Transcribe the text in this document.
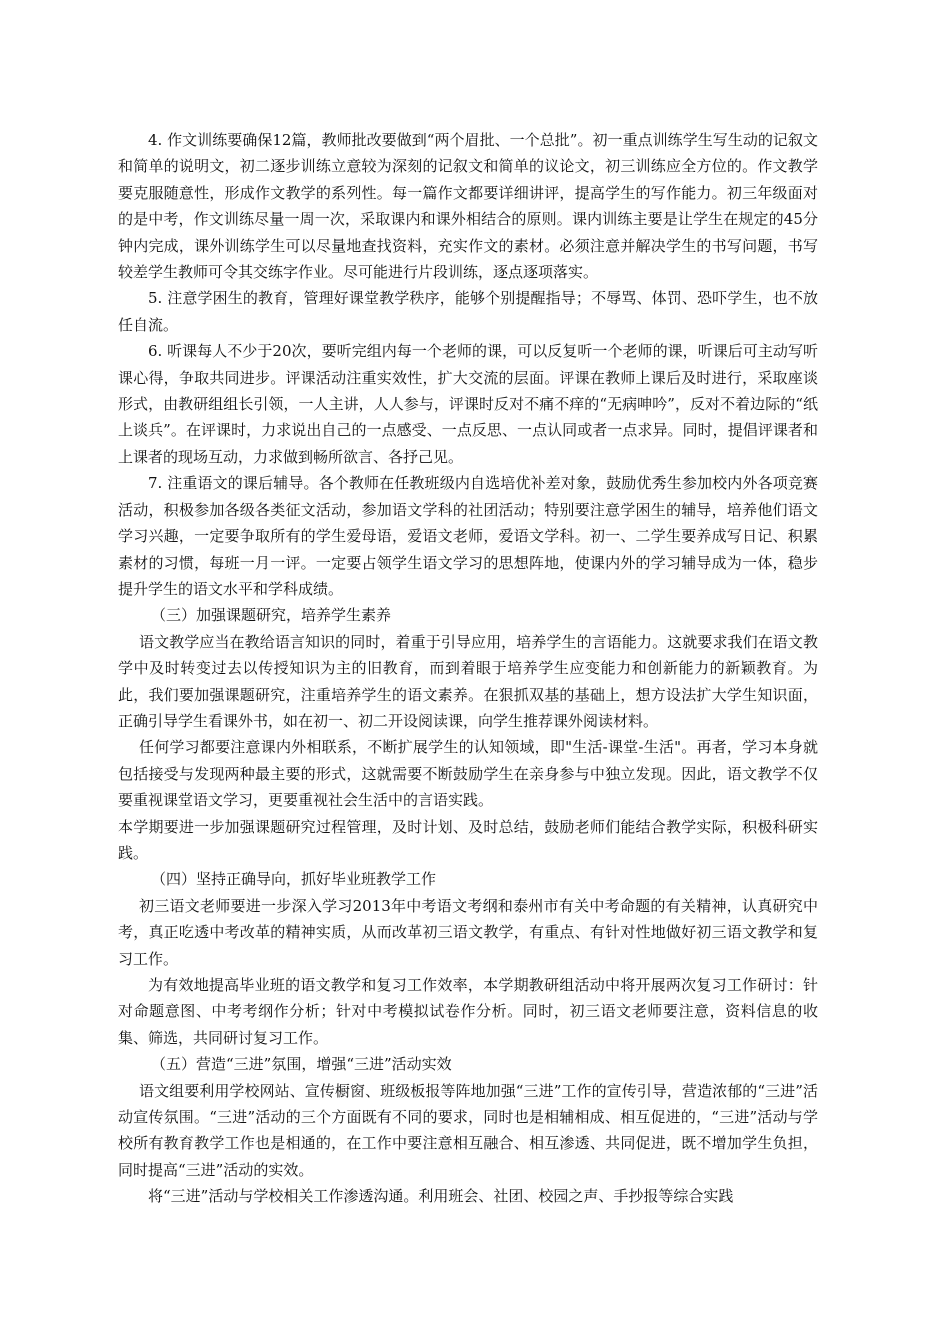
4. 作文训练要确保12篇，教师批改要做到“两个眉批、一个总批”。初一重点训练学生写生动的记叙文和简单的说明文，初二逐步训练立意较为深刻的记叙文和简单的议论文，初三训练应全方位的。作文教学要克服随意性，形成作文教学的系列性。每一篇作文都要详细讲评，提高学生的写作能力。初三年级面对的是中考，作文训练尽量一周一次，采取课内和课外相结合的原则。课内训练主要是让学生在规定的45分钟内完成，课外训练学生可以尽量地查找资料，充实作文的素材。必须注意并解决学生的书写问题，书写较差学生教师可令其交练字作业。尽可能进行片段训练，逐点逐项落实。

5. 注意学困生的教育，管理好课堂教学秩序，能够个别提醒指导；不辱骂、体罚、恐吓学生，也不放任自流。

6. 听课每人不少于20次，要听完组内每一个老师的课，可以反复听一个老师的课，听课后可主动写听课心得，争取共同进步。评课活动注重实效性，扩大交流的层面。评课在教师上课后及时进行，采取座谈形式，由教研组组长引领，一人主讲，人人参与，评课时反对不痛不痒的“无病呻吟”，反对不着边际的“纸上谈兵”。在评课时，力求说出自己的一点感受、一点反思、一点认同或者一点求异。同时，提倡评课者和上课者的现场互动，力求做到畅所欲言、各抒己见。

7. 注重语文的课后辅导。各个教师在任教班级内自选培优补差对象，鼓励优秀生参加校内外各项竞赛活动，积极参加各级各类征文活动，参加语文学科的社团活动；特别要注意学困生的辅导，培养他们语文学习兴趣，一定要争取所有的学生爱母语，爱语文老师，爱语文学科。初一、二学生要养成写日记、积累素材的习惯，每班一月一评。一定要占领学生语文学习的思想阵地，使课内外的学习辅导成为一体，稳步提升学生的语文水平和学科成绩。

（三）加强课题研究，培养学生素养

语文教学应当在教给语言知识的同时，着重于引导应用，培养学生的言语能力。这就要求我们在语文教学中及时转变过去以传授知识为主的旧教育，而到着眼于培养学生应变能力和创新能力的新颖教育。为此，我们要加强课题研究，注重培养学生的语文素养。在狠抓双基的基础上，想方设法扩大学生知识面，正确引导学生看课外书，如在初一、初二开设阅读课，向学生推荐课外阅读材料。

任何学习都要注意课内外相联系，不断扩展学生的认知领域，即"生活-课堂-生活"。再者，学习本身就包括接受与发现两种最主要的形式，这就需要不断鼓励学生在亲身参与中独立发现。因此，语文教学不仅要重视课堂语文学习，更要重视社会生活中的言语实践。

本学期要进一步加强课题研究过程管理，及时计划、及时总结，鼓励老师们能结合教学实际，积极科研实践。

（四）坚持正确导向，抓好毕业班教学工作

初三语文老师要进一步深入学习2013年中考语文考纲和泰州市有关中考命题的有关精神，认真研究中考，真正吃透中考改革的精神实质，从而改革初三语文教学，有重点、有针对性地做好初三语文教学和复习工作。

为有效地提高毕业班的语文教学和复习工作效率，本学期教研组活动中将开展两次复习工作研讨：针对命题意图、中考考纲作分析；针对中考模拟试卷作分析。同时，初三语文老师要注意，资料信息的收集、筛选，共同研讨复习工作。

（五）营造“三进”氛围，增强“三进”活动实效

语文组要利用学校网站、宣传橱窗、班级板报等阵地加强“三进”工作的宣传引导，营造浓郁的“三进”活动宣传氛围。“三进”活动的三个方面既有不同的要求，同时也是相辅相成、相互促进的，“三进”活动与学校所有教育教学工作也是相通的，在工作中要注意相互融合、相互渗透、共同促进，既不增加学生负担，同时提高“三进”活动的实效。

将“三进”活动与学校相关工作渗透沟通。利用班会、社团、校园之声、手抄报等综合实践
